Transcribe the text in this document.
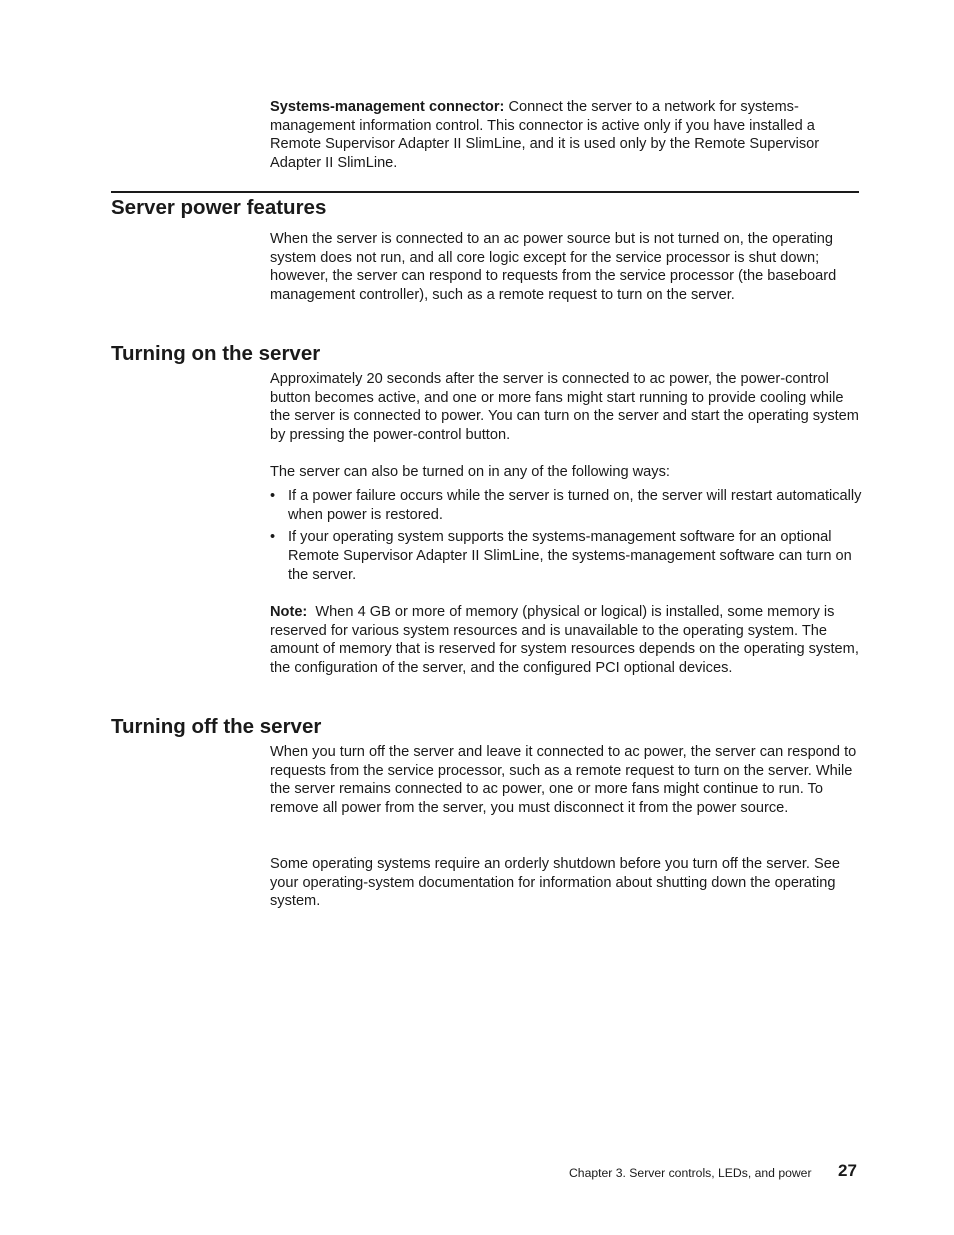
Systems-management connector: Connect the server to a network for systems-management information control. This connector is active only if you have installed a Remote Supervisor Adapter II SlimLine, and it is used only by the Remote Supervisor Adapter II SlimLine.

Server power features

When the server is connected to an ac power source but is not turned on, the operating system does not run, and all core logic except for the service processor is shut down; however, the server can respond to requests from the service processor (the baseboard management controller), such as a remote request to turn on the server.

Turning on the server

Approximately 20 seconds after the server is connected to ac power, the power-control button becomes active, and one or more fans might start running to provide cooling while the server is connected to power. You can turn on the server and start the operating system by pressing the power-control button.

The server can also be turned on in any of the following ways:

• If a power failure occurs while the server is turned on, the server will restart automatically when power is restored.
• If your operating system supports the systems-management software for an optional Remote Supervisor Adapter II SlimLine, the systems-management software can turn on the server.

Note:  When 4 GB or more of memory (physical or logical) is installed, some memory is reserved for various system resources and is unavailable to the operating system. The amount of memory that is reserved for system resources depends on the operating system, the configuration of the server, and the configured PCI optional devices.

Turning off the server

When you turn off the server and leave it connected to ac power, the server can respond to requests from the service processor, such as a remote request to turn on the server. While the server remains connected to ac power, one or more fans might continue to run. To remove all power from the server, you must disconnect it from the power source.

Some operating systems require an orderly shutdown before you turn off the server. See your operating-system documentation for information about shutting down the operating system.

Chapter 3. Server controls, LEDs, and power 27
